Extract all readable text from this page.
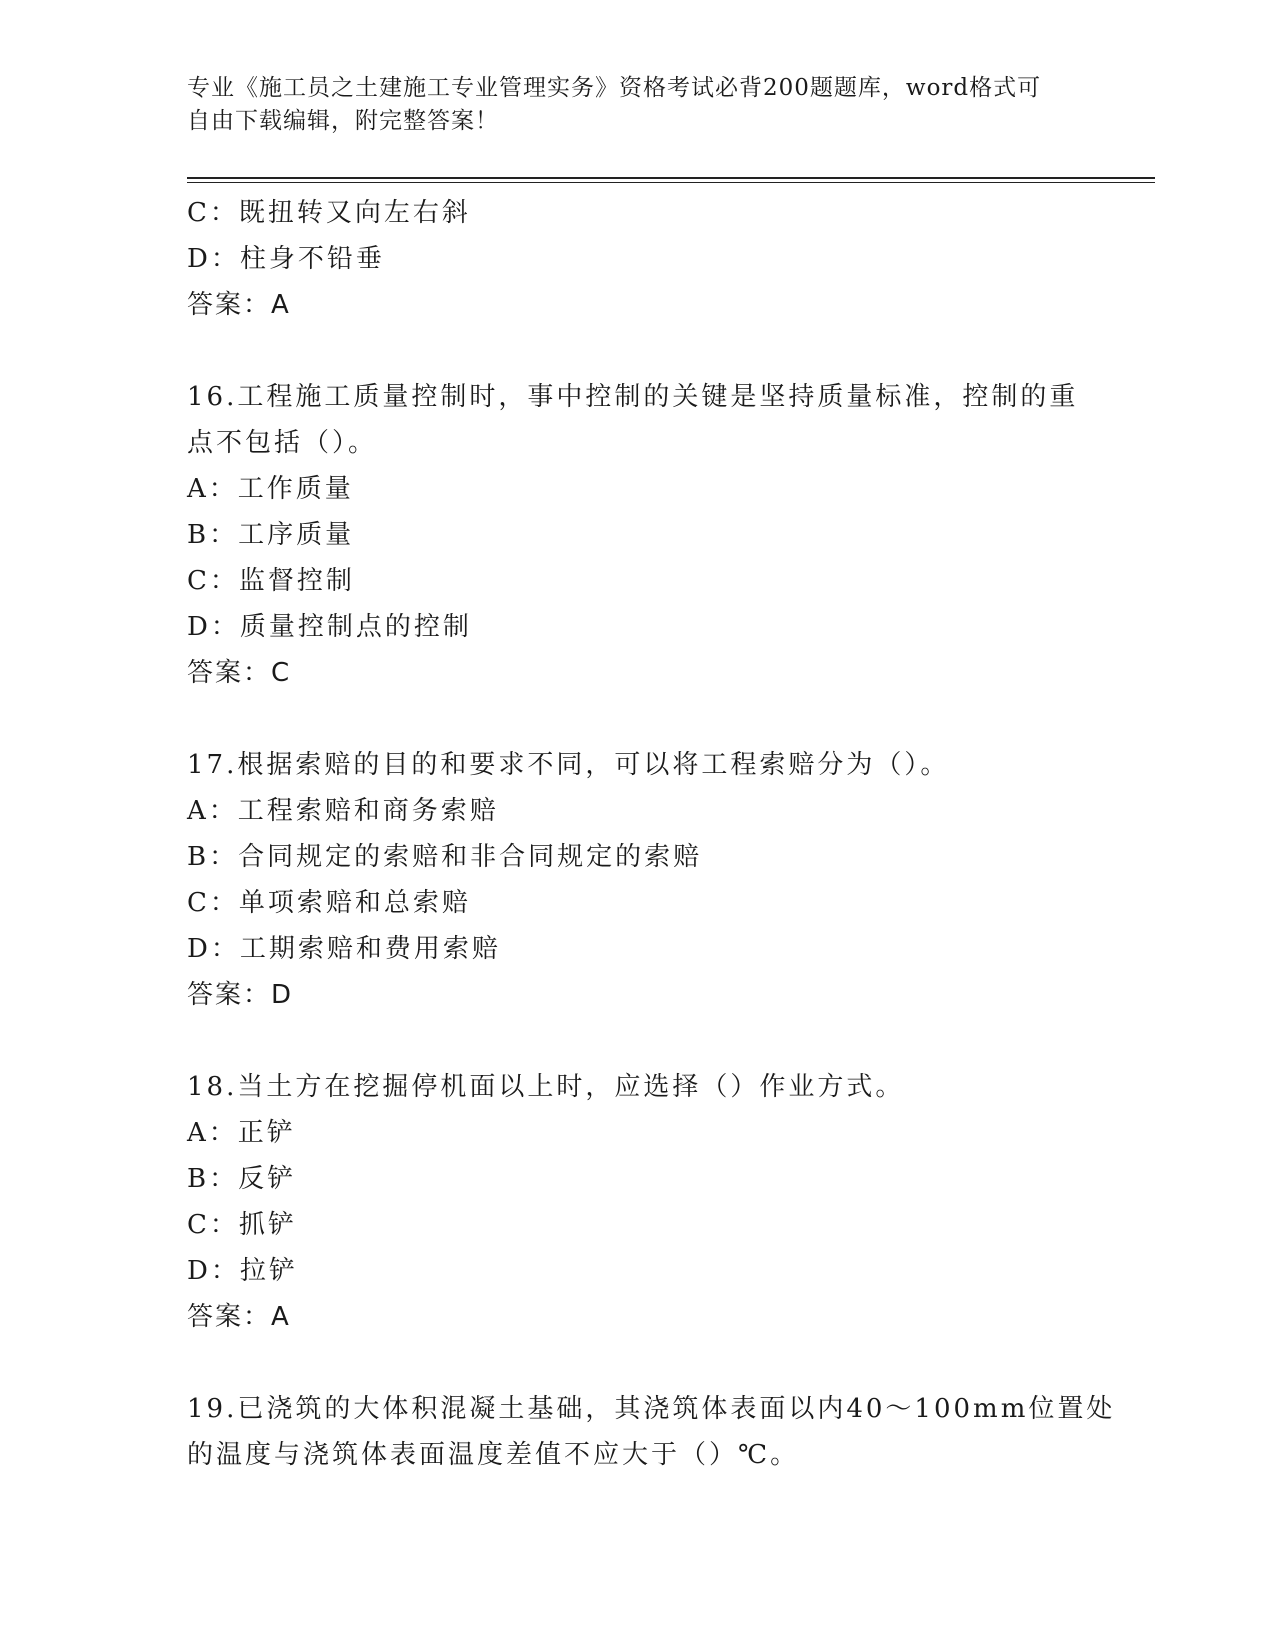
专业《施工员之土建施工专业管理实务》资格考试必背200题题库，word格式可
自由下载编辑，附完整答案！
C：既扭转又向左右斜
D：柱身不铅垂
答案：A
16.工程施工质量控制时，事中控制的关键是坚持质量标准，控制的重
点不包括（）。
A：工作质量
B：工序质量
C：监督控制
D：质量控制点的控制
答案：C
17.根据索赔的目的和要求不同，可以将工程索赔分为（）。
A：工程索赔和商务索赔
B：合同规定的索赔和非合同规定的索赔
C：单项索赔和总索赔
D：工期索赔和费用索赔
答案：D
18.当土方在挖掘停机面以上时，应选择（）作业方式。
A：正铲
B：反铲
C：抓铲
D：拉铲
答案：A
19.已浇筑的大体积混凝土基础，其浇筑体表面以内40～100mm位置处
的温度与浇筑体表面温度差值不应大于（）℃。
